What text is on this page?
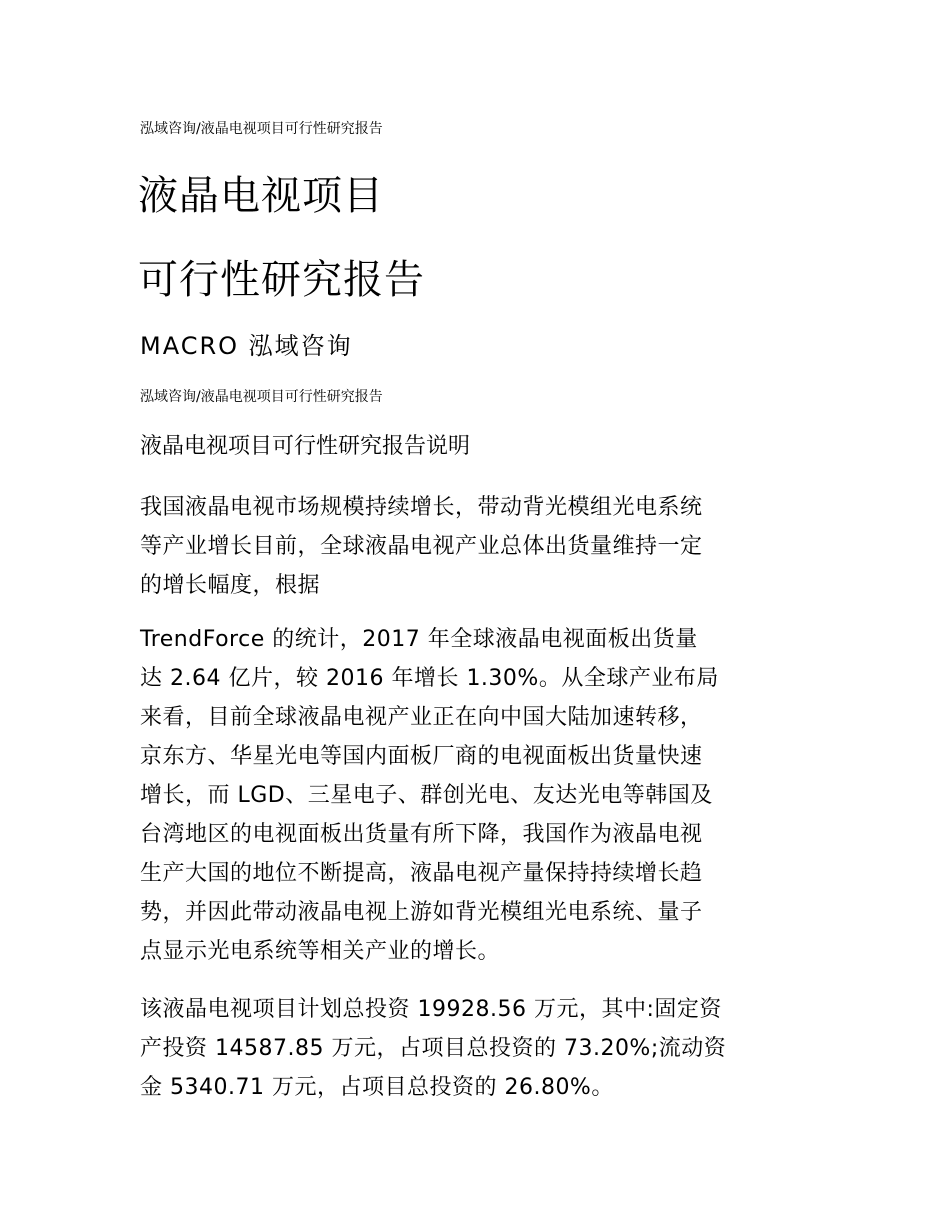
泓域咨询/液晶电视项目可行性研究报告
液晶电视项目
可行性研究报告
MACRO 泓域咨询
泓域咨询/液晶电视项目可行性研究报告
液晶电视项目可行性研究报告说明
我国液晶电视市场规模持续增长，带动背光模组光电系统
等产业增长目前，全球液晶电视产业总体出货量维持一定
的增长幅度，根据
TrendForce 的统计，2017 年全球液晶电视面板出货量
达 2.64 亿片，较 2016 年增长 1.30%。从全球产业布局
来看，目前全球液晶电视产业正在向中国大陆加速转移，
京东方、华星光电等国内面板厂商的电视面板出货量快速
增长，而 LGD、三星电子、群创光电、友达光电等韩国及
台湾地区的电视面板出货量有所下降，我国作为液晶电视
生产大国的地位不断提高，液晶电视产量保持持续增长趋
势，并因此带动液晶电视上游如背光模组光电系统、量子
点显示光电系统等相关产业的增长。
该液晶电视项目计划总投资 19928.56 万元，其中:固定资
产投资 14587.85 万元，占项目总投资的 73.20%;流动资
金 5340.71 万元，占项目总投资的 26.80%。
